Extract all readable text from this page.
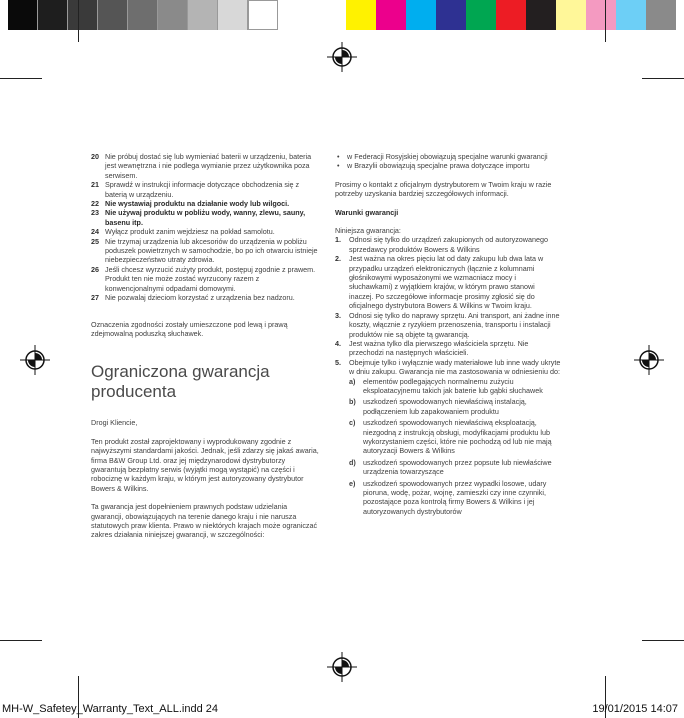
20 Nie próbuj dostać się lub wymieniać baterii w urządzeniu, bateria jest wewnętrzna i nie podlega wymianie przez użytkownika poza serwisem.
21 Sprawdź w instrukcji informacje dotyczące obchodzenia się z baterią w urządzeniu.
22 Nie wystawiaj produktu na działanie wody lub wilgoci.
23 Nie używaj produktu w pobliżu wody, wanny, zlewu, sauny, basenu itp.
24 Wyłącz produkt zanim wejdziesz na pokład samolotu.
25 Nie trzymaj urządzenia lub akcesoriów do urządzenia w pobliżu poduszek powietrznych w samochodzie, bo po ich otwarciu istnieje niebezpieczeństwo utraty zdrowia.
26 Jeśli chcesz wyrzucić zużyty produkt, postępuj zgodnie z prawem. Produkt ten nie może zostać wyrzucony razem z konwencjonalnymi odpadami domowymi.
27 Nie pozwalaj dzieciom korzystać z urządzenia bez nadzoru.

Oznaczenia zgodności zostały umieszczone pod lewą i prawą zdejmowalną poduszką słuchawek.

Ograniczona gwarancja producenta

Drogi Kliencie,

Ten produkt został zaprojektowany i wyprodukowany zgodnie z najwyższymi standardami jakości. Jednak, jeśli zdarzy się jakaś awaria, firma B&W Group Ltd. oraz jej międzynarodowi dystrybutorzy gwarantują bezpłatny serwis (wyjątki mogą wystąpić) na części i robociznę w każdym kraju, w którym jest autoryzowany dystrybutor Bowers & Wilkins.

Ta gwarancja jest dopełnieniem prawnych podstaw udzielania gwarancji, obowiązujących na terenie danego kraju i nie narusza statutowych praw klienta. Prawo w niektórych krajach może ograniczać zakres działania niniejszej gwarancji, w szczególności:

• w Federacji Rosyjskiej obowiązują specjalne warunki gwarancji
• w Brazylii obowiązują specjalne prawa dotyczące importu

Prosimy o kontakt z oficjalnym dystrybutorem w Twoim kraju w razie potrzeby uzyskania bardziej szczegółowych informacji.

Warunki gwarancji

Niniejsza gwarancja:

1. Odnosi się tylko do urządzeń zakupionych od autoryzowanego sprzedawcy produktów Bowers & Wilkins
2. Jest ważna na okres pięciu lat od daty zakupu lub dwa lata w przypadku urządzeń elektronicznych (łącznie z kolumnami głośnikowymi wyposażonymi we wzmacniacz mocy i słuchawkami) z wyjątkiem krajów, w którym prawo stanowi inaczej. Po szczegółowe informacje prosimy zgłosić się do oficjalnego dystrybutora Bowers & Wilkins w Twoim kraju.
3. Odnosi się tylko do naprawy sprzętu. Ani transport, ani żadne inne koszty, włącznie z ryzykiem przenoszenia, transportu i instalacji produktów nie są objęte tą gwarancją.
4. Jest ważna tylko dla pierwszego właściciela sprzętu. Nie przechodzi na następnych właścicieli.
5. Obejmuje tylko i wyłącznie wady materiałowe lub inne wady ukryte w dniu zakupu. Gwarancja nie ma zastosowania w odniesieniu do:
a) elementów podlegających normalnemu zużyciu eksploatacyjnemu takich jak baterie lub gąbki słuchawek
b) uszkodzeń spowodowanych niewłaściwą instalacją, podłączeniem lub zapakowaniem produktu
c) uszkodzeń spowodowanych niewłaściwą eksploatacją, niezgodną z instrukcją obsługi, modyfikacjami produktu lub wykorzystaniem części, które nie pochodzą od lub nie mają autoryzacji Bowers & Wilkins
d) uszkodzeń spowodowanych przez popsute lub niewłaściwe urządzenia towarzyszące
e) uszkodzeń spowodowanych przez wypadki losowe, udary pioruna, wodę, pożar, wojnę, zamieszki czy inne czynniki, pozostające poza kontrolą firmy Bowers & Wilkins i jej autoryzowanych dystrybutorów
MH-W_Safetey_Warranty_Text_ALL.indd 24	19/01/2015 14:07
